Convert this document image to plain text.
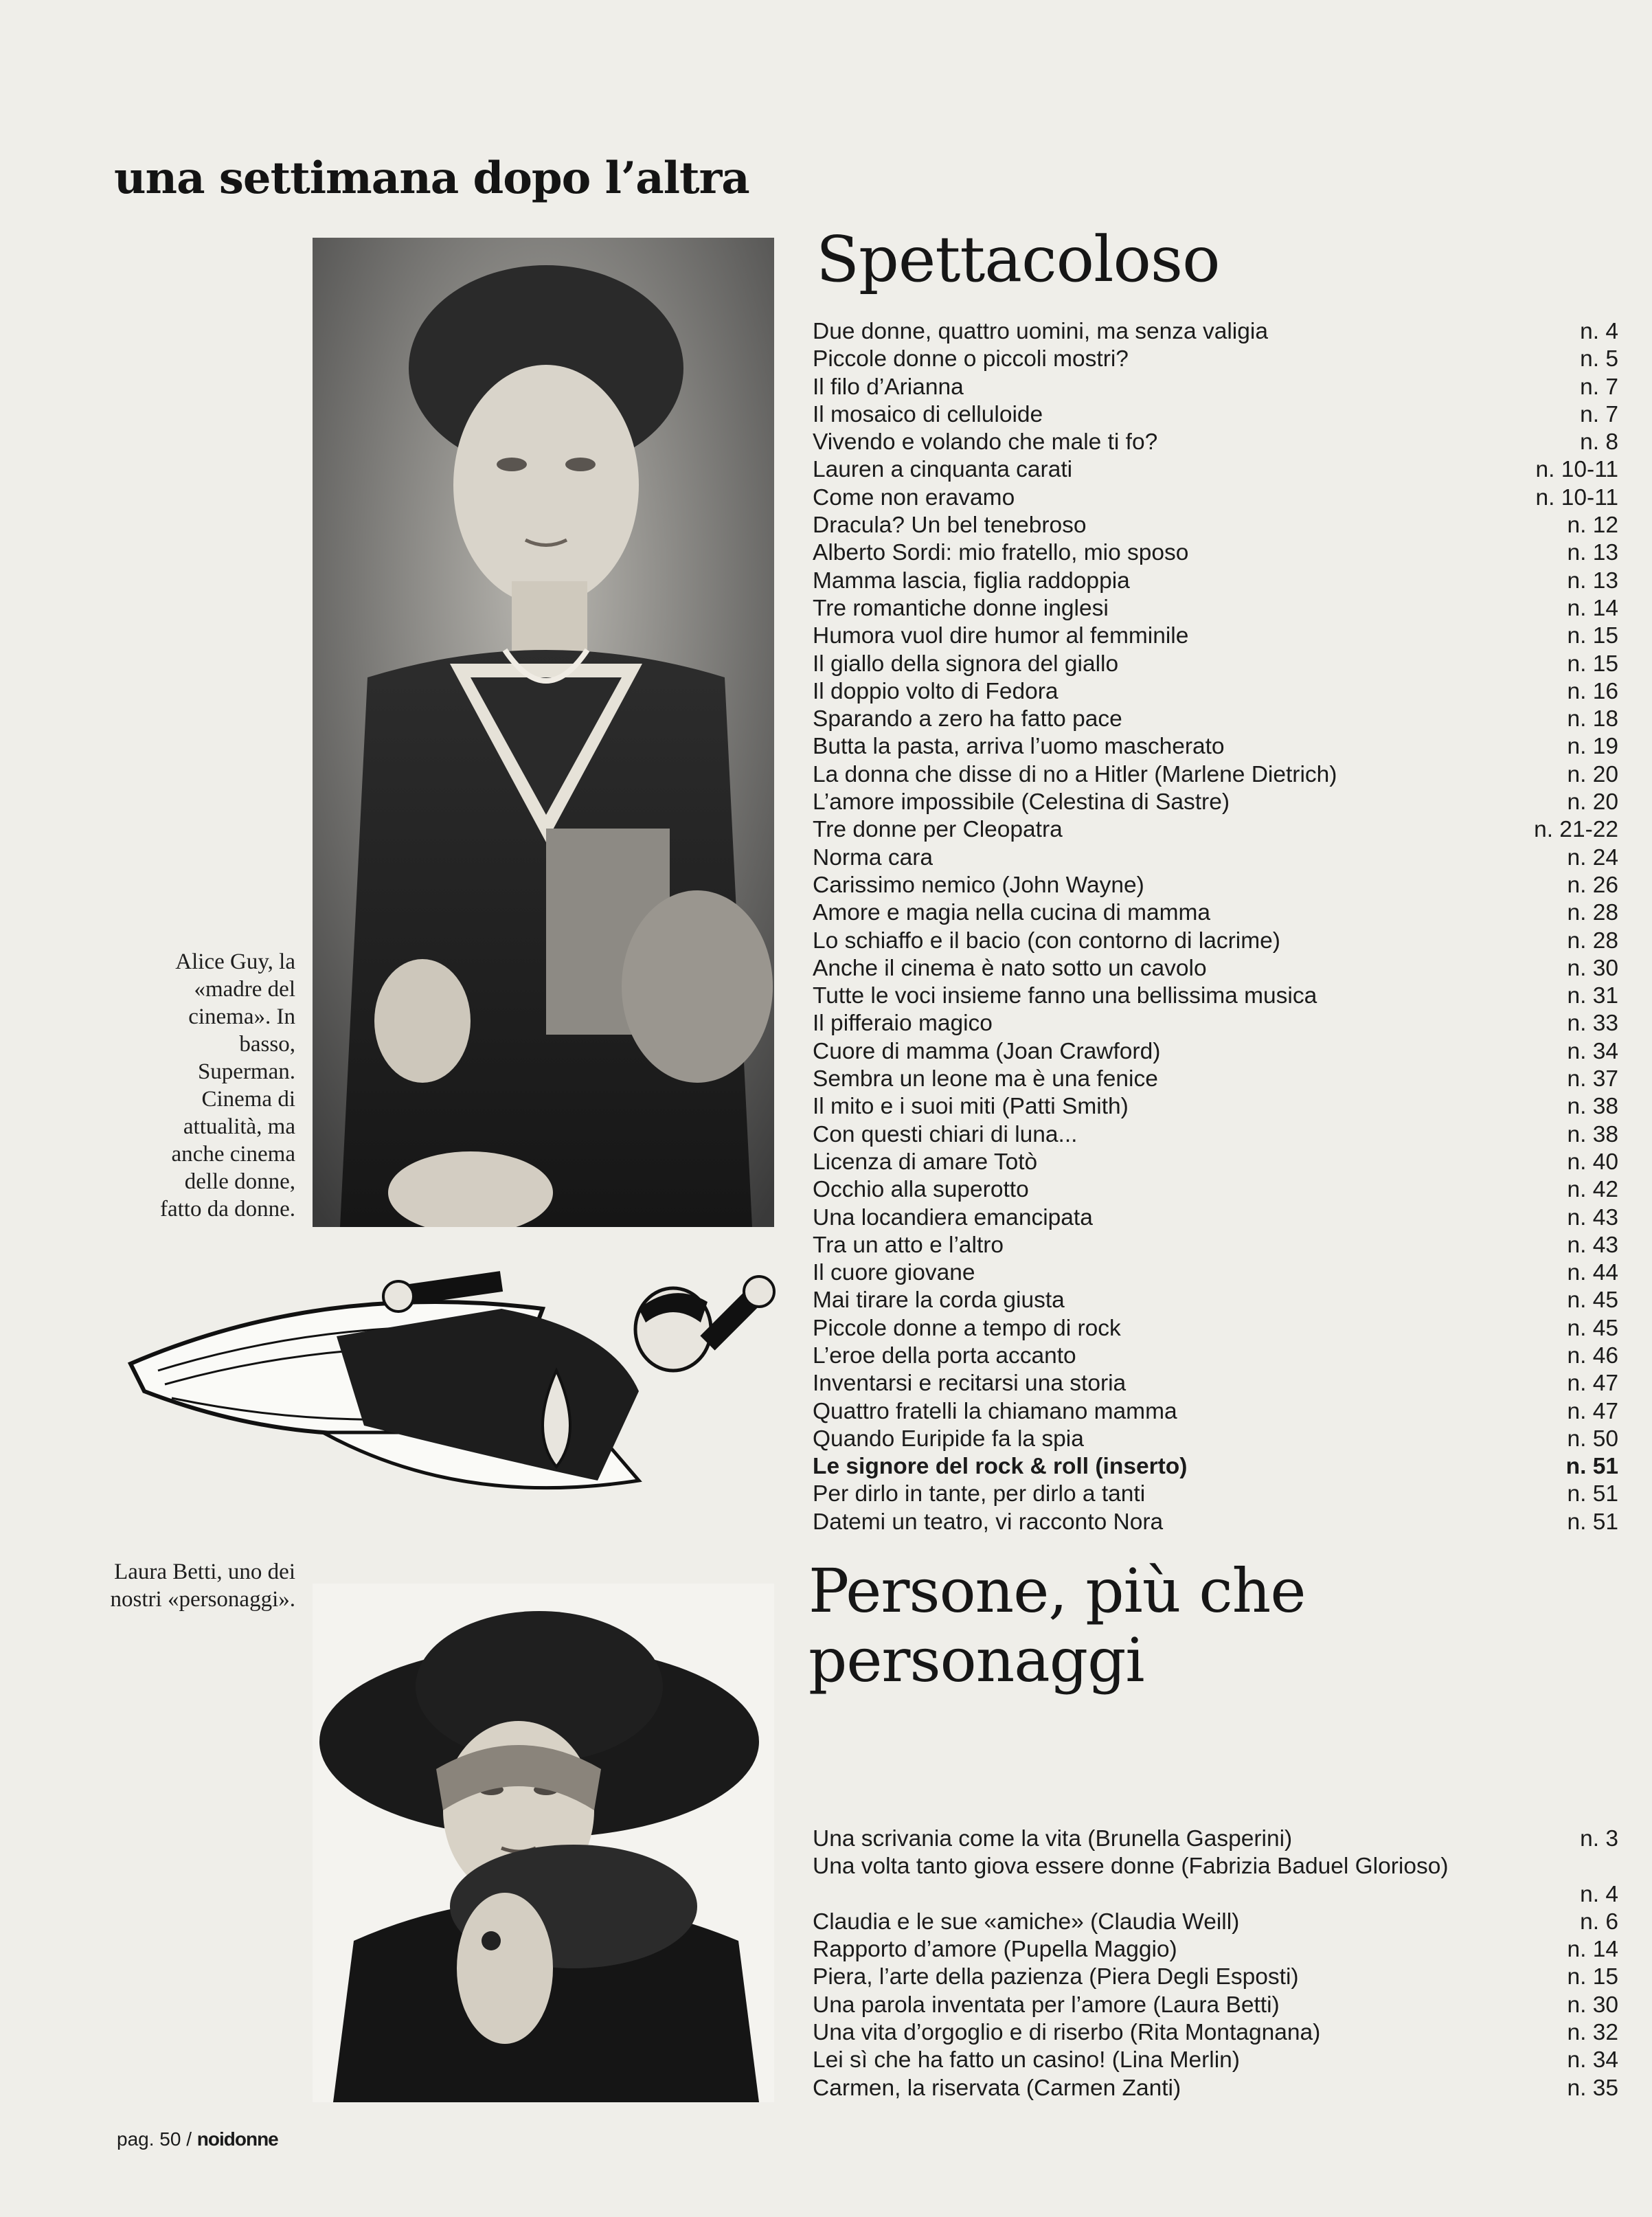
una settimana dopo l’altra
Alice Guy, la «madre del cinema». In basso, Superman. Cinema di attualità, ma anche cinema delle donne, fatto da donne.
Laura Betti, uno dei nostri «personaggi».
Spettacoloso
Due donne, quattro uomini, ma senza valigia	n. 4
Piccole donne o piccoli mostri?	n. 5
Il filo d’Arianna	n. 7
Il mosaico di celluloide	n. 7
Vivendo e volando che male ti fo?	n. 8
Lauren a cinquanta carati	n. 10-11
Come non eravamo	n. 10-11
Dracula? Un bel tenebroso	n. 12
Alberto Sordi: mio fratello, mio sposo	n. 13
Mamma lascia, figlia raddoppia	n. 13
Tre romantiche donne inglesi	n. 14
Humora vuol dire humor al femminile	n. 15
Il giallo della signora del giallo	n. 15
Il doppio volto di Fedora	n. 16
Sparando a zero ha fatto pace	n. 18
Butta la pasta, arriva l’uomo mascherato	n. 19
La donna che disse di no a Hitler (Marlene Dietrich)	n. 20
L’amore impossibile (Celestina di Sastre)	n. 20
Tre donne per Cleopatra	n. 21-22
Norma cara	n. 24
Carissimo nemico (John Wayne)	n. 26
Amore e magia nella cucina di mamma	n. 28
Lo schiaffo e il bacio (con contorno di lacrime)	n. 28
Anche il cinema è nato sotto un cavolo	n. 30
Tutte le voci insieme fanno una bellissima musica	n. 31
Il pifferaio magico	n. 33
Cuore di mamma (Joan Crawford)	n. 34
Sembra un leone ma è una fenice	n. 37
Il mito e i suoi miti (Patti Smith)	n. 38
Con questi chiari di luna...	n. 38
Licenza di amare Totò	n. 40
Occhio alla superotto	n. 42
Una locandiera emancipata	n. 43
Tra un atto e l’altro	n. 43
Il cuore giovane	n. 44
Mai tirare la corda giusta	n. 45
Piccole donne a tempo di rock	n. 45
L’eroe della porta accanto	n. 46
Inventarsi e recitarsi una storia	n. 47
Quattro fratelli la chiamano mamma	n. 47
Quando Euripide fa la spia	n. 50
Le signore del rock & roll (inserto)	n. 51
Per dirlo in tante, per dirlo a tanti	n. 51
Datemi un teatro, vi racconto Nora	n. 51
Persone, più che personaggi
Una scrivania come la vita (Brunella Gasperini)	n. 3
Una volta tanto giova essere donne (Fabrizia Baduel Glorioso)
n. 4
Claudia e le sue «amiche» (Claudia Weill)	n. 6
Rapporto d’amore (Pupella Maggio)	n. 14
Piera, l’arte della pazienza (Piera Degli Esposti)	n. 15
Una parola inventata per l’amore (Laura Betti)	n. 30
Una vita d’orgoglio e di riserbo (Rita Montagnana)	n. 32
Lei sì che ha fatto un casino! (Lina Merlin)	n. 34
Carmen, la riservata (Carmen Zanti)	n. 35
pag. 50 / noidonne
